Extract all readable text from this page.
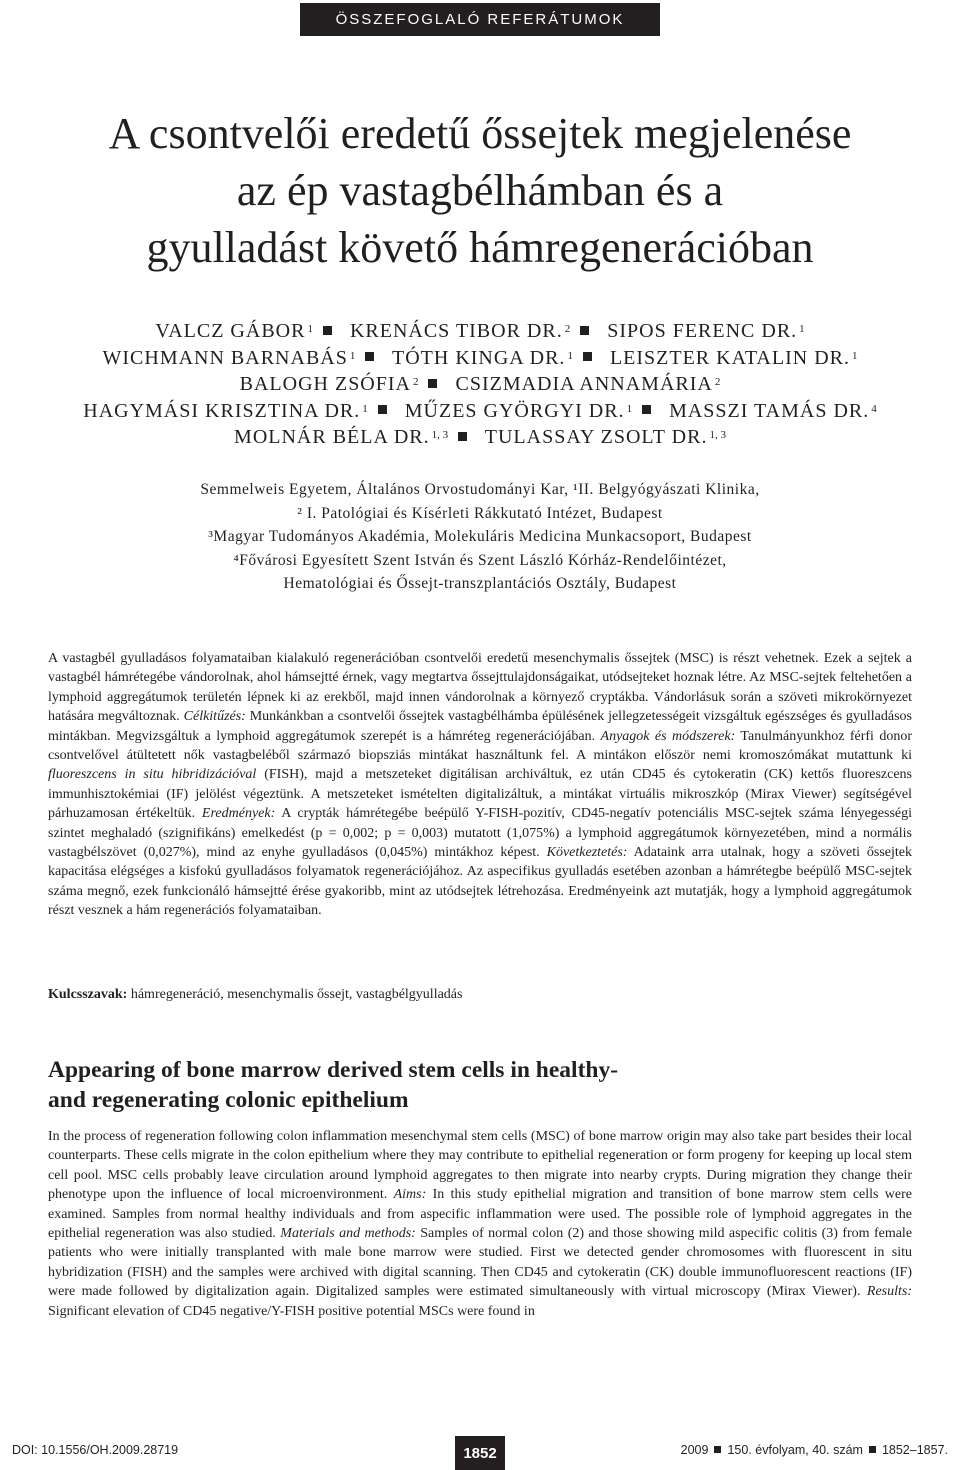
ÖSSZEFOGLALÓ REFERÁTUMOK
A csontvelői eredetű őssejtek megjelenése
az ép vastagbélhámban és a
gyulladást követő hámregenerációban
VALCZ GÁBOR $^1$ KRENÁCS TIBOR DR. $^2$ SIPOS FERENC DR. $^1$
WICHMANN BARNABÁS $^1$ TÓTH KINGA DR. $^1$ LEISZTER KATALIN DR. $^1$
BALOGH ZSÓFIA $^2$ CSIZMADIA ANNAMÁRIA $^2$
HAGYMÁSI KRISZTINA DR. $^1$ MŰZES GYÖRGYI DR. $^1$ MASSZI TAMÁS DR. $^4$
MOLNÁR BÉLA DR. $^{1, 3}$ TULASSAY ZSOLT DR. $^{1, 3}$
Semmelweis Egyetem, Általános Orvostudományi Kar, ¹II. Belgyógyászati Klinika,
² I. Patológiai és Kísérleti Rákkutató Intézet, Budapest
³Magyar Tudományos Akadémia, Molekuláris Medicina Munkacsoport, Budapest
⁴Fővárosi Egyesített Szent István és Szent László Kórház-Rendelőintézet,
Hematológiai és Őssejt-transzplantációs Osztály, Budapest

A vastagbél gyulladásos folyamataiban kialakuló regenerációban csontvelői eredetű mesenchymalis őssejtek (MSC) is részt vehetnek. Ezek a sejtek a vastagbél hámrétegébe vándorolnak, ahol hámsejtté érnek, vagy megtartva őssejttulajdonságaikat, utódsejteket hoznak létre. Az MSC-sejtek feltehetően a lymphoid aggregátumok területén lépnek ki az erekből, majd innen vándorolnak a környező cryptákba. Vándorlásuk során a szöveti mikrokörnyezet hatására megváltoznak. Célkitűzés: Munkánkban a csontvelői őssejtek vastagbélhámba épülésének jellegzetességeit vizsgáltuk egészséges és gyulladásos mintákban. Megvizsgáltuk a lymphoid aggregátumok szerepét is a hámréteg regenerációjában. Anyagok és módszerek: Tanulmányunkhoz férfi donor csontvelővel átültetett nők vastagbeléből származó biopsziás mintákat használtunk fel. A mintákon először nemi kromoszómákat mutattunk ki fluoreszcens in situ hibridizációval (FISH), majd a metszeteket digitálisan archiváltuk, ez után CD45 és cytokeratin (CK) kettős fluoreszcens immunhisztokémiai (IF) jelölést végeztünk. A metszeteket ismételten digitalizáltuk, a mintákat virtuális mikroszkóp (Mirax Viewer) segítségével párhuzamosan értékeltük. Eredmények: A crypták hámrétegébe beépülő Y-FISH-pozitív, CD45-negatív potenciális MSC-sejtek száma lényegességi szintet meghaladó (szignifikáns) emelkedést (p = 0,002; p = 0,003) mutatott (1,075%) a lymphoid aggregátumok környezetében, mind a normális vastagbélszövet (0,027%), mind az enyhe gyulladásos (0,045%) mintákhoz képest. Következtetés: Adataink arra utalnak, hogy a szöveti őssejtek kapacitása elégséges a kisfokú gyulladásos folyamatok regenerációjához. Az aspecifikus gyulladás esetében azonban a hámrétegbe beépülő MSC-sejtek száma megnő, ezek funkcionáló hámsejtté érése gyakoribb, mint az utódsejtek létrehozása. Eredményeink azt mutatják, hogy a lymphoid aggregátumok részt vesznek a hám regenerációs folyamataiban.

Kulcsszavak: hámregeneráció, mesenchymalis őssejt, vastagbélgyulladás

Appearing of bone marrow derived stem cells in healthy-
and regenerating colonic epithelium

In the process of regeneration following colon inflammation mesenchymal stem cells (MSC) of bone marrow origin may also take part besides their local counterparts. These cells migrate in the colon epithelium where they may contribute to epithelial regeneration or form progeny for keeping up local stem cell pool. MSC cells probably leave circulation around lymphoid aggregates to then migrate into nearby crypts. During migration they change their phenotype upon the influence of local microenvironment. Aims: In this study epithelial migration and transition of bone marrow stem cells were examined. Samples from normal healthy individuals and from aspecific inflammation were used. The possible role of lymphoid aggregates in the epithelial regeneration was also studied. Materials and methods: Samples of normal colon (2) and those showing mild aspecific colitis (3) from female patients who were initially transplanted with male bone marrow were studied. First we detected gender chromosomes with fluorescent in situ hybridization (FISH) and the samples were archived with digital scanning. Then CD45 and cytokeratin (CK) double immunofluorescent reactions (IF) were made followed by digitalization again. Digitalized samples were estimated simultaneously with virtual microscopy (Mirax Viewer). Results: Significant elevation of CD45 negative/Y-FISH positive potential MSCs were found in

DOI: 10.1556/OH.2009.28719	1852	2009 150. évfolyam, 40. szám 1852–1857.
